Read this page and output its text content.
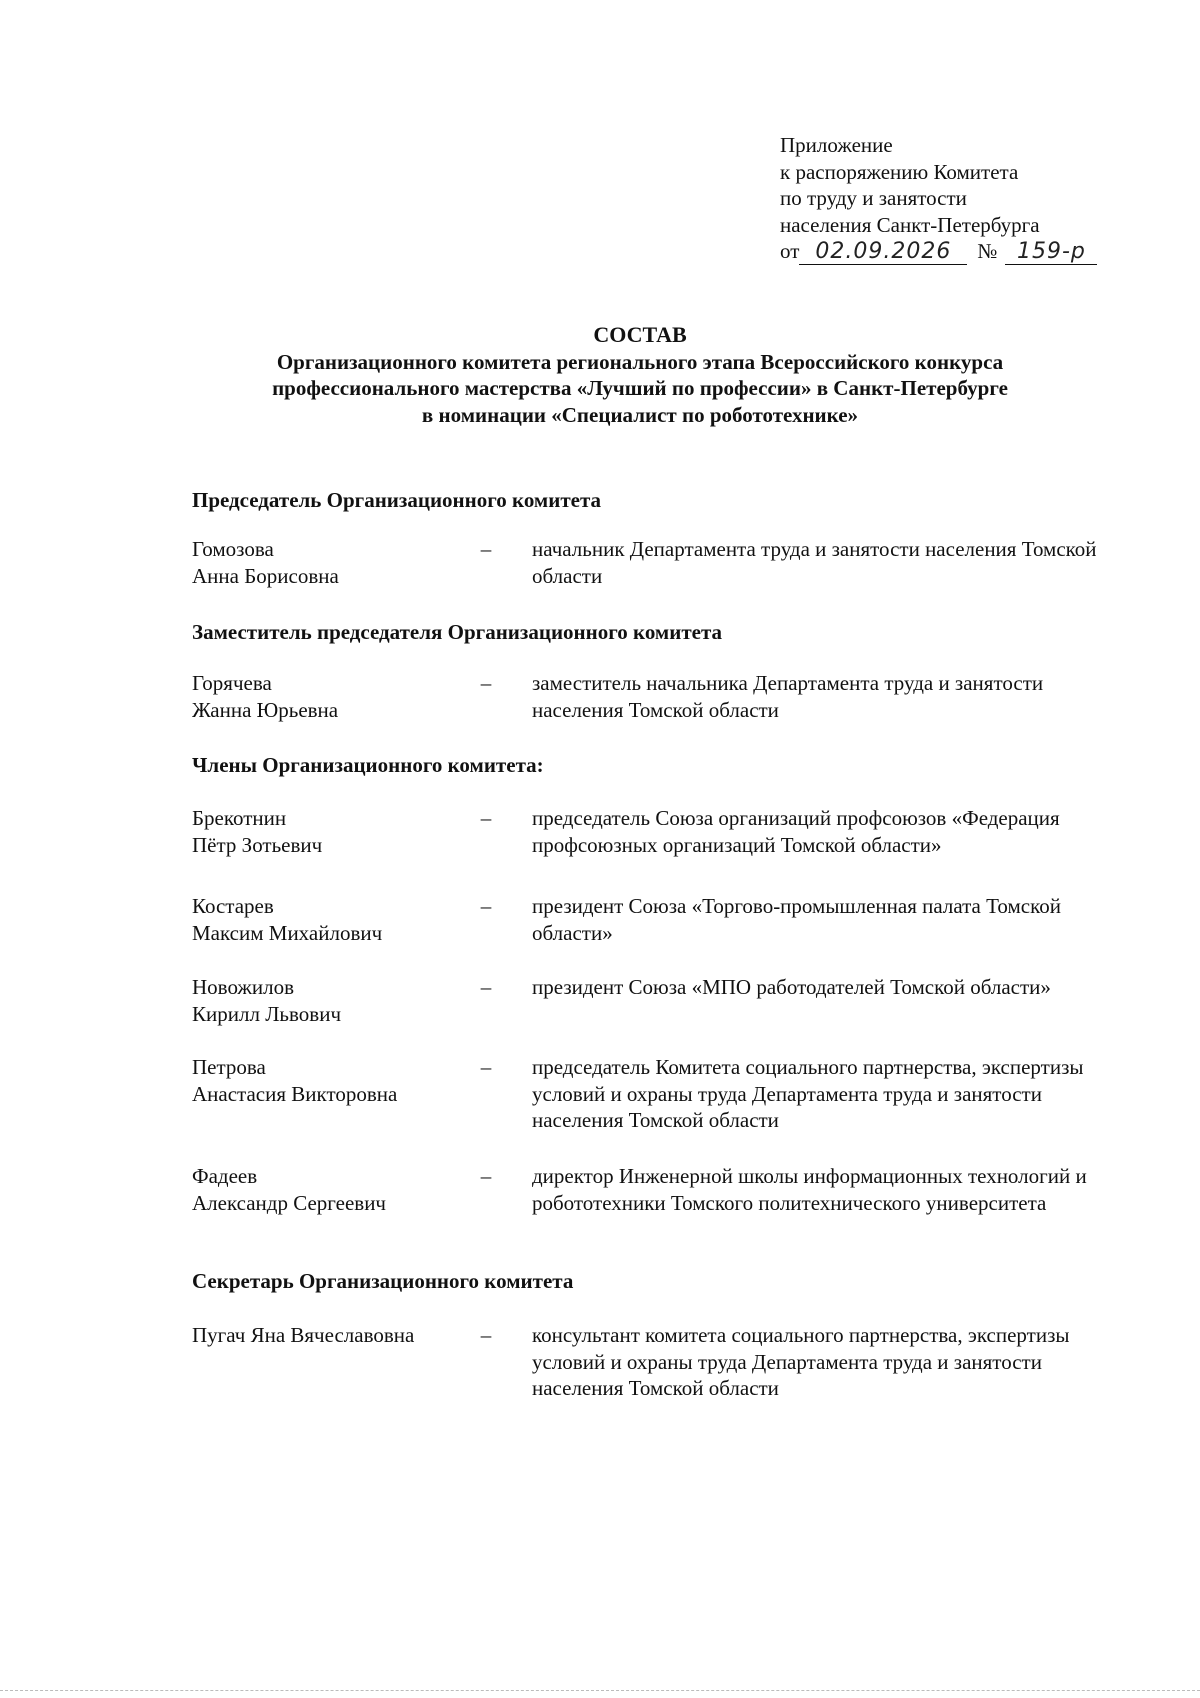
Приложение
к распоряжению Комитета
по труду и занятости
населения Санкт-Петербурга
от 02.09.2026	№ 159-р
СОСТАВ
Организационного комитета регионального этапа Всероссийского конкурса
профессионального мастерства «Лучший по профессии» в Санкт-Петербурге
в номинации «Специалист по робототехнике»
Председатель Организационного комитета
Гомозова
Анна Борисовна
– начальник Департамента труда и занятости населения Томской области
Заместитель председателя Организационного комитета
Горячева
Жанна Юрьевна
– заместитель начальника Департамента труда и занятости населения Томской области
Члены Организационного комитета:
Брекотнин
Пётр Зотьевич
– председатель Союза организаций профсоюзов «Федерация профсоюзных организаций Томской области»
Костарев
Максим Михайлович
– президент Союза «Торгово-промышленная палата Томской области»
Новожилов
Кирилл Львович
– президент Союза «МПО работодателей Томской области»
Петрова
Анастасия Викторовна
– председатель Комитета социального партнерства, экспертизы условий и охраны труда Департамента труда и занятости населения Томской области
Фадеев
Александр Сергеевич
– директор Инженерной школы информационных технологий и робототехники Томского политехнического университета
Секретарь Организационного комитета
Пугач Яна Вячеславовна	– консультант комитета социального партнерства, экспертизы условий и охраны труда Департамента труда и занятости населения Томской области
